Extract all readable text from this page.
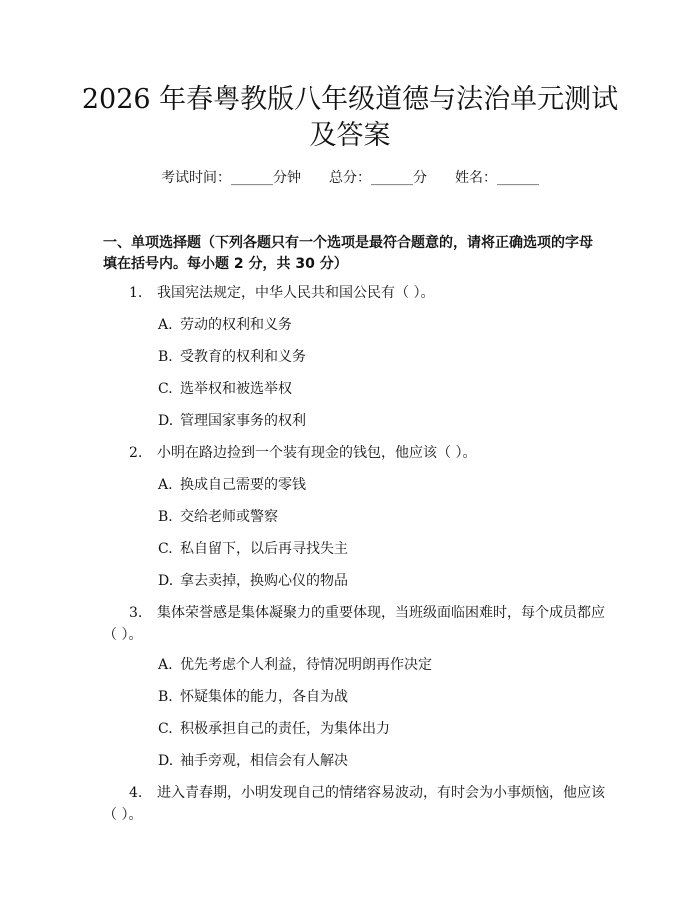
2026 年春粤教版八年级道德与法治单元测试
及答案
考试时间：______分钟 总分：______分 姓名：______
一、单项选择题（下列各题只有一个选项是最符合题意的，请将正确选项的字母
填在括号内。每小题 2 分，共 30 分）
1. 我国宪法规定，中华人民共和国公民有（ ）。
A. 劳动的权利和义务
B. 受教育的权利和义务
C. 选举权和被选举权
D. 管理国家事务的权利
2. 小明在路边捡到一个装有现金的钱包，他应该（ ）。
A. 换成自己需要的零钱
B. 交给老师或警察
C. 私自留下，以后再寻找失主
D. 拿去卖掉，换购心仪的物品
3. 集体荣誉感是集体凝聚力的重要体现，当班级面临困难时，每个成员都应
（ ）。
A. 优先考虑个人利益，待情况明朗再作决定
B. 怀疑集体的能力，各自为战
C. 积极承担自己的责任，为集体出力
D. 袖手旁观，相信会有人解决
4. 进入青春期，小明发现自己的情绪容易波动，有时会为小事烦恼，他应该
（ ）。
